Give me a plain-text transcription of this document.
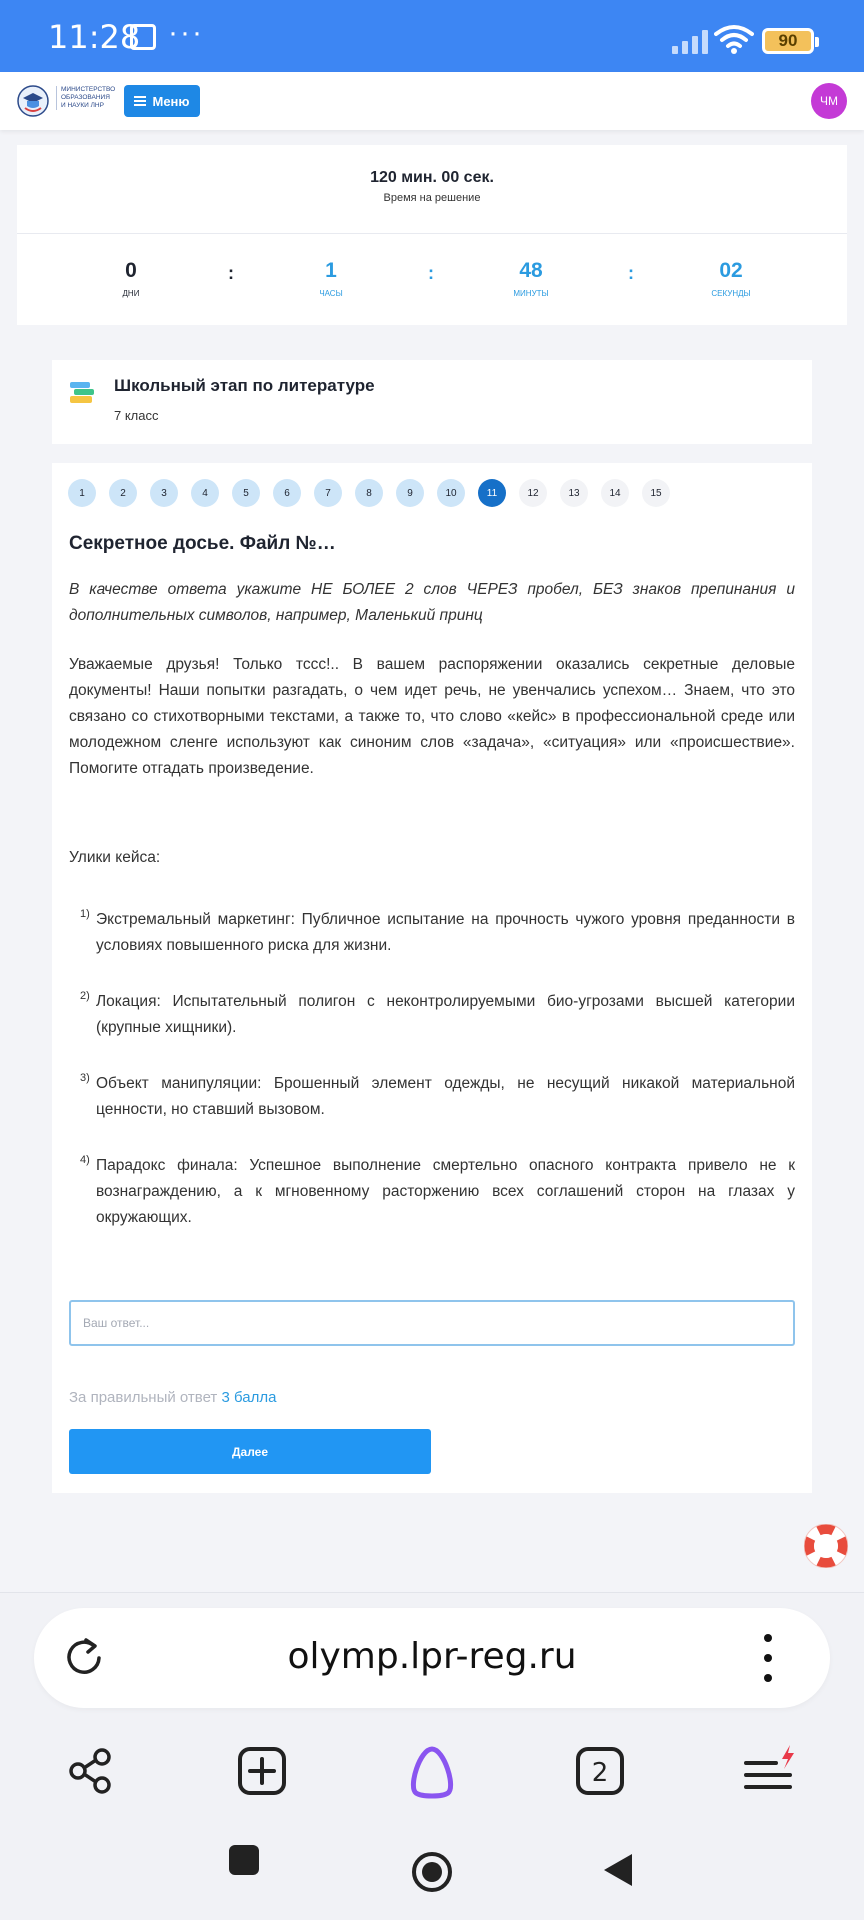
11:28 ···	90
МИНИСТЕРСТВО ОБРАЗОВАНИЯ И НАУКИ ЛНР	Меню	ЧМ
120 мин. 00 сек.
Время на решение
0
ДНИ
:	1
ЧАСЫ
:	48
МИНУТЫ
:	02
СЕКУНДЫ
Школьный этап по литературе
7 класс
1	2	3	4	5	6	7	8	9	10	11	12	13	14	15
Секретное досье. Файл №…
В качестве ответа укажите НЕ БОЛЕЕ 2 слов ЧЕРЕЗ пробел, БЕЗ знаков препинания и дополнительных символов, например, Маленький принц
Уважаемые друзья! Только тссс!.. В вашем распоряжении оказались секретные деловые документы! Наши попытки разгадать, о чем идет речь, не увенчались успехом… Знаем, что это связано со стихотворными текстами, а также то, что слово «кейс» в профессиональной среде или молодежном сленге используют как синоним слов «задача», «ситуация» или «происшествие». Помогите отгадать произведение.
Улики кейса:
1) Экстремальный маркетинг: Публичное испытание на прочность чужого уровня преданности в условиях повышенного риска для жизни.
2) Локация: Испытательный полигон с неконтролируемыми био-угрозами высшей категории (крупные хищники).
3) Объект манипуляции: Брошенный элемент одежды, не несущий никакой материальной ценности, но ставший вызовом.
4) Парадокс финала: Успешное выполнение смертельно опасного контракта привело не к вознаграждению, а к мгновенному расторжению всех соглашений сторон на глазах у окружающих.
Ваш ответ...
За правильный ответ 3 балла
Далее
olymp.lpr-reg.ru
2
